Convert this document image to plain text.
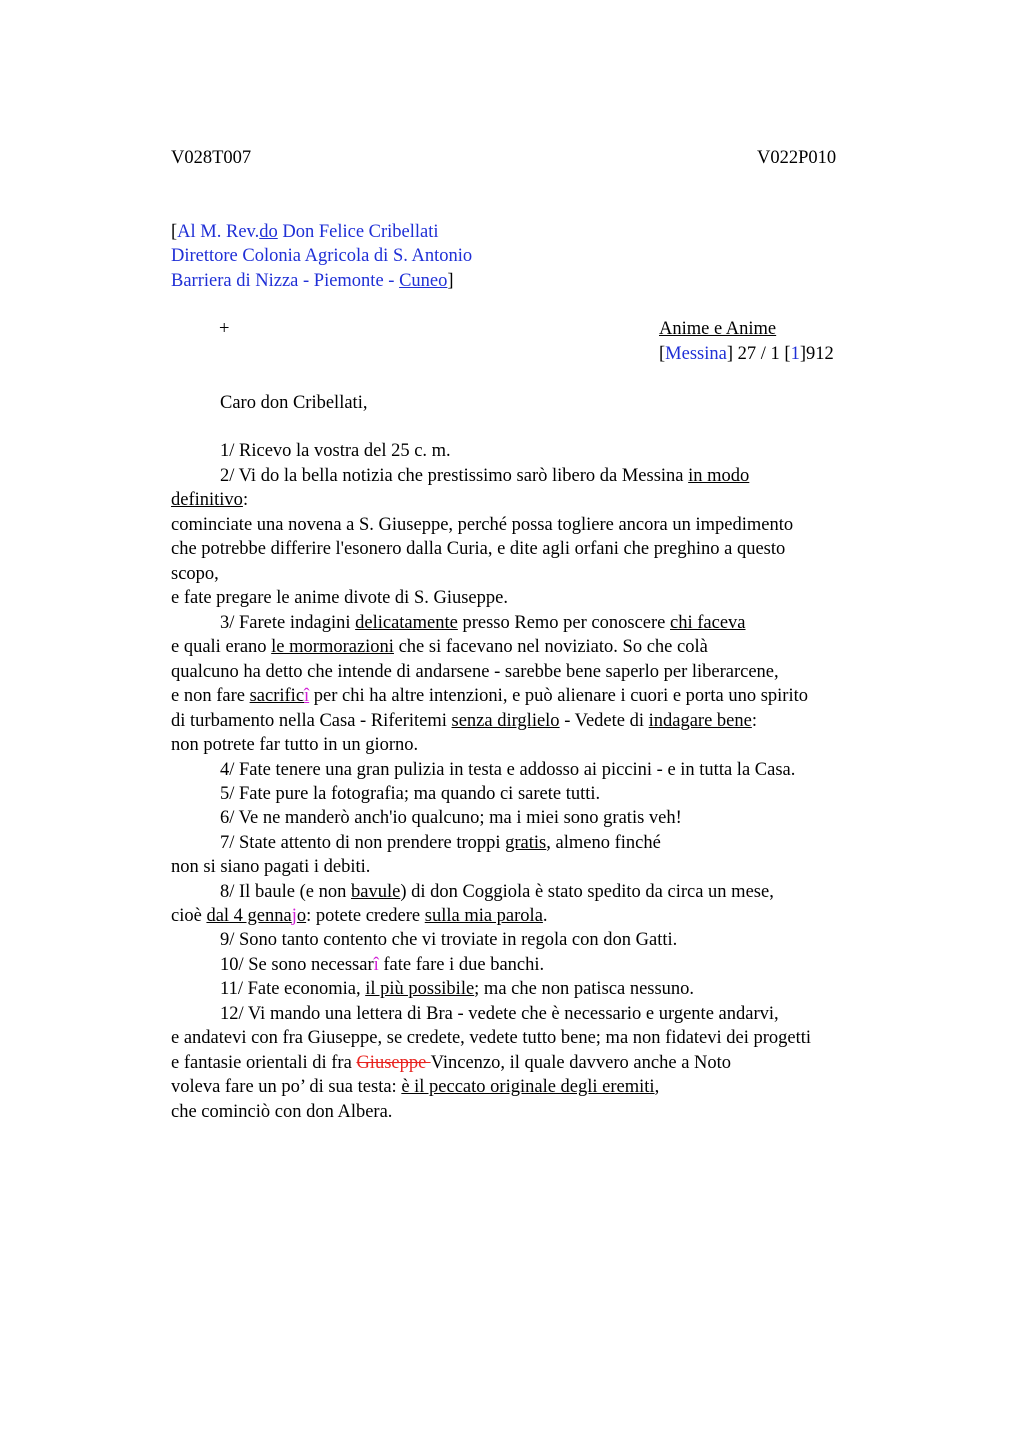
V028T007	V022P010
[Al M. Rev.do Don Felice Cribellati
Direttore Colonia Agricola di S. Antonio
Barriera di Nizza - Piemonte - Cuneo]
+	Anime e Anime
[Messina] 27 / 1 [1]912
Caro don Cribellati,
1/ Ricevo la vostra del 25 c. m.
2/ Vi do la bella notizia che prestissimo sarò libero da Messina in modo
definitivo:
cominciate una novena a S. Giuseppe, perché possa togliere ancora un impedimento
che potrebbe differire l'esonero dalla Curia, e dite agli orfani che preghino a questo
scopo,
e fate pregare le anime divote di S. Giuseppe.
3/ Farete indagini delicatamente presso Remo per conoscere chi faceva
e quali erano le mormorazioni che si facevano nel noviziato. So che colà
qualcuno ha detto che intende di andarsene - sarebbe bene saperlo per liberarcene,
e non fare sacrificî per chi ha altre intenzioni, e può alienare i cuori e porta uno spirito
di turbamento nella Casa - Riferitemi senza dirglielo - Vedete di indagare bene:
non potrete far tutto in un giorno.
4/ Fate tenere una gran pulizia in testa e addosso ai piccini - e in tutta la Casa.
5/ Fate pure la fotografia; ma quando ci sarete tutti.
6/ Ve ne manderò anch'io qualcuno; ma i miei sono gratis veh!
7/ State attento di non prendere troppi gratis, almeno finché
non si siano pagati i debiti.
8/ Il baule (e non bavule) di don Coggiola è stato spedito da circa un mese,
cioè dal 4 gennajo: potete credere sulla mia parola.
9/ Sono tanto contento che vi troviate in regola con don Gatti.
10/ Se sono necessarî fate fare i due banchi.
11/ Fate economia, il più possibile; ma che non patisca nessuno.
12/ Vi mando una lettera di Bra - vedete che è necessario e urgente andarvi,
e andatevi con fra Giuseppe, se credete, vedete tutto bene; ma non fidatevi dei progetti
e fantasie orientali di fra Giuseppe Vincenzo, il quale davvero anche a Noto
voleva fare un po’ di sua testa: è il peccato originale degli eremiti,
che cominciò con don Albera.
